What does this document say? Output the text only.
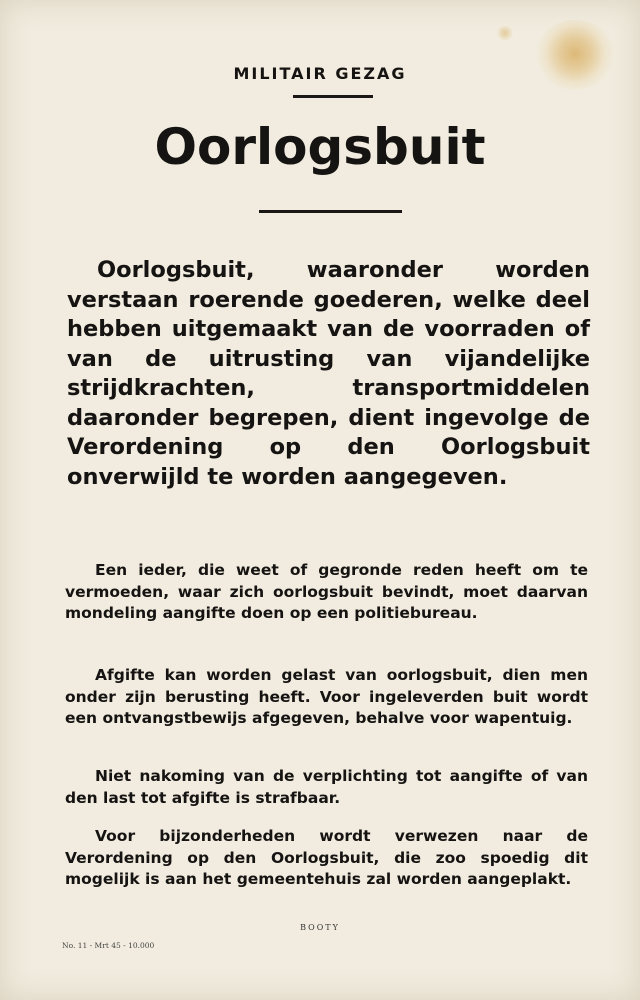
MILITAIR GEZAG
Oorlogsbuit
Oorlogsbuit, waaronder worden verstaan roerende goederen, welke deel hebben uitgemaakt van de voorraden of van de uitrusting van vijandelijke strijdkrachten, transportmiddelen daaronder begrepen, dient ingevolge de Verordening op den Oorlogsbuit onverwijld te worden aangegeven.
Een ieder, die weet of gegronde reden heeft om te vermoeden, waar zich oorlogsbuit bevindt, moet daarvan mondeling aangifte doen op een politiebureau.
Afgifte kan worden gelast van oorlogsbuit, dien men onder zijn berusting heeft. Voor ingeleverden buit wordt een ontvangstbewijs afgegeven, behalve voor wapentuig.
Niet nakoming van de verplichting tot aangifte of van den last tot afgifte is strafbaar.
Voor bijzonderheden wordt verwezen naar de Verordening op den Oorlogsbuit, die zoo spoedig dit mogelijk is aan het gemeentehuis zal worden aangeplakt.
BOOTY
No. 11 - Mrt 45 - 10.000
